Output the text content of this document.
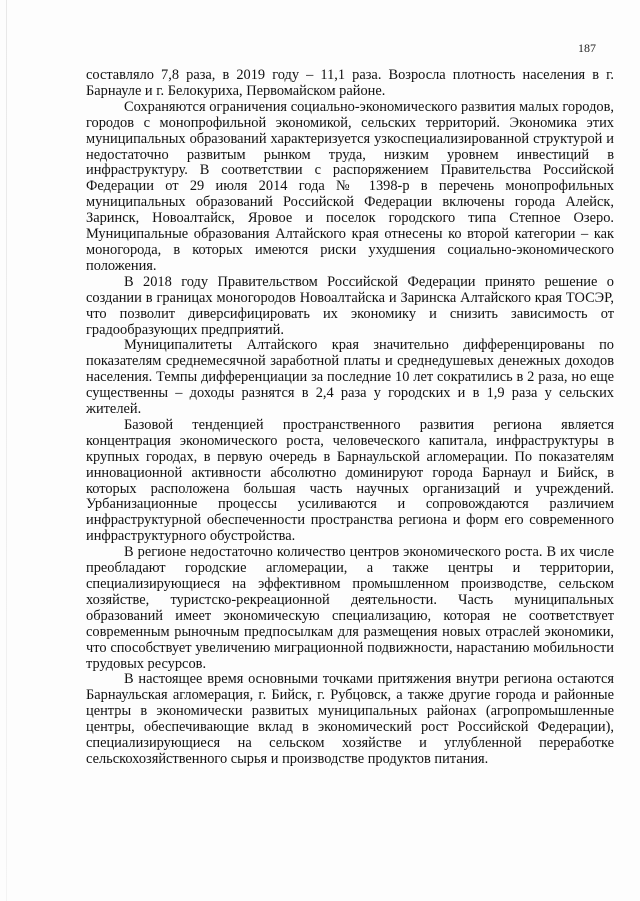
187

составляло 7,8 раза, в 2019 году – 11,1 раза. Возросла плотность населения в г. Барнауле и г. Белокуриха, Первомайском районе.

Сохраняются ограничения социально-экономического развития малых городов, городов с монопрофильной экономикой, сельских территорий. Экономика этих муниципальных образований характеризуется узкоспециализированной структурой и недостаточно развитым рынком труда, низким уровнем инвестиций в инфраструктуру. В соответствии с распоряжением Правительства Российской Федерации от 29 июля 2014 года № 1398-р в перечень монопрофильных муниципальных образований Российской Федерации включены города Алейск, Заринск, Новоалтайск, Яровое и поселок городского типа Степное Озеро. Муниципальные образования Алтайского края отнесены ко второй категории – как моногорода, в которых имеются риски ухудшения социально-экономического положения.

В 2018 году Правительством Российской Федерации принято решение о создании в границах моногородов Новоалтайска и Заринска Алтайского края ТОСЭР, что позволит диверсифицировать их экономику и снизить зависимость от градообразующих предприятий.

Муниципалитеты Алтайского края значительно дифференцированы по показателям среднемесячной заработной платы и среднедушевых денежных доходов населения. Темпы дифференциации за последние 10 лет сократились в 2 раза, но еще существенны – доходы разнятся в 2,4 раза у городских и в 1,9 раза у сельских жителей.

Базовой тенденцией пространственного развития региона является концентрация экономического роста, человеческого капитала, инфраструктуры в крупных городах, в первую очередь в Барнаульской агломерации. По показателям инновационной активности абсолютно доминируют города Барнаул и Бийск, в которых расположена большая часть научных организаций и учреждений. Урбанизационные процессы усиливаются и сопровождаются различием инфраструктурной обеспеченности пространства региона и форм его современного инфраструктурного обустройства.

В регионе недостаточно количество центров экономического роста. В их числе преобладают городские агломерации, а также центры и территории, специализирующиеся на эффективном промышленном производстве, сельском хозяйстве, туристско-рекреационной деятельности. Часть муниципальных образований имеет экономическую специализацию, которая не соответствует современным рыночным предпосылкам для размещения новых отраслей экономики, что способствует увеличению миграционной подвижности, нарастанию мобильности трудовых ресурсов.

В настоящее время основными точками притяжения внутри региона остаются Барнаульская агломерация, г. Бийск, г. Рубцовск, а также другие города и районные центры в экономически развитых муниципальных районах (агропромышленные центры, обеспечивающие вклад в экономический рост Российской Федерации), специализирующиеся на сельском хозяйстве и углубленной переработке сельскохозяйственного сырья и производстве продуктов питания.
